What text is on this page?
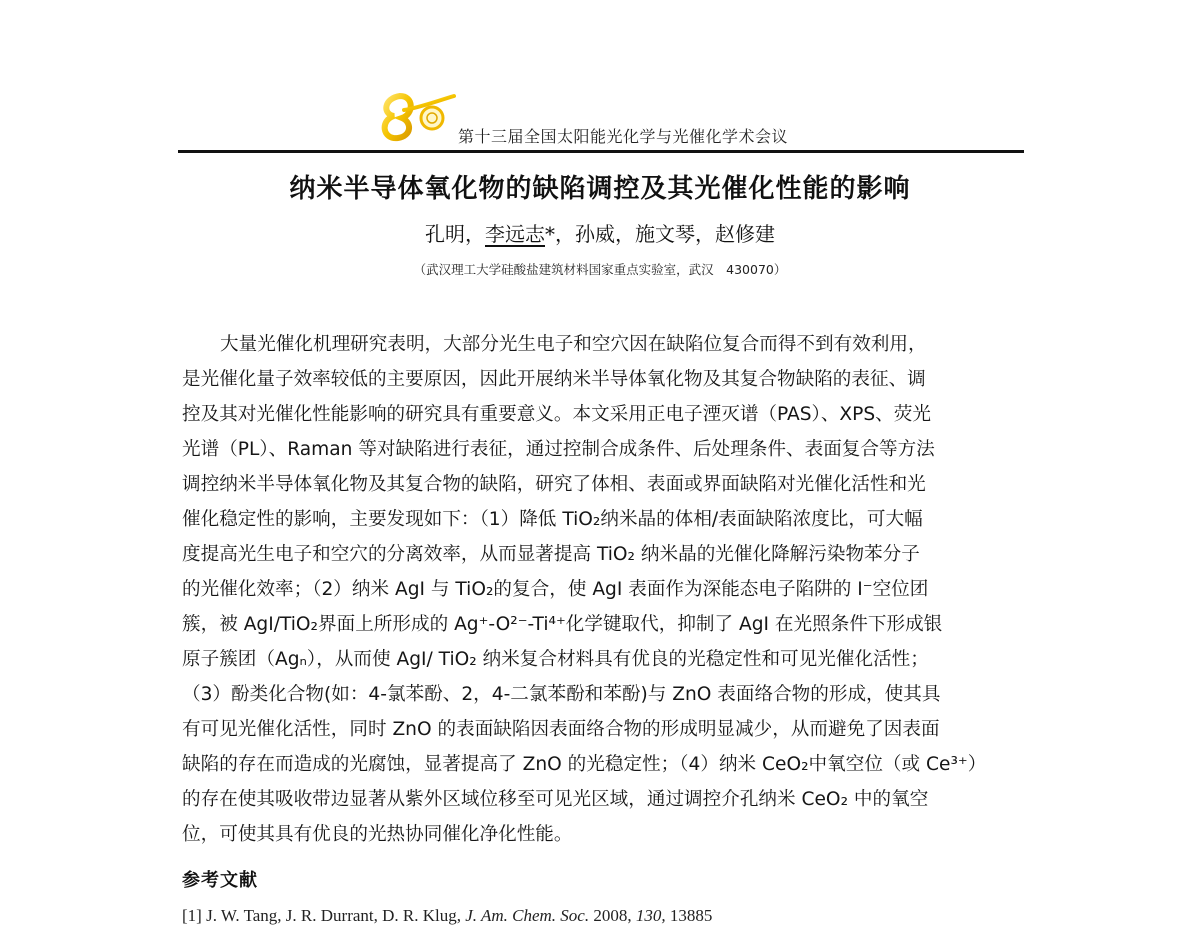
第十三届全国太阳能光化学与光催化学术会议
纳米半导体氧化物的缺陷调控及其光催化性能的影响
孔明，李远志*，孙威，施文琴，赵修建
（武汉理工大学硅酸盐建筑材料国家重点实验室，武汉　430070）
大量光催化机理研究表明，大部分光生电子和空穴因在缺陷位复合而得不到有效利用，
是光催化量子效率较低的主要原因，因此开展纳米半导体氧化物及其复合物缺陷的表征、调
控及其对光催化性能影响的研究具有重要意义。本文采用正电子湮灭谱（PAS）、XPS、荧光
光谱（PL）、Raman 等对缺陷进行表征，通过控制合成条件、后处理条件、表面复合等方法
调控纳米半导体氧化物及其复合物的缺陷，研究了体相、表面或界面缺陷对光催化活性和光
催化稳定性的影响，主要发现如下：（1）降低 TiO₂纳米晶的体相/表面缺陷浓度比，可大幅
度提高光生电子和空穴的分离效率，从而显著提高 TiO₂ 纳米晶的光催化降解污染物苯分子
的光催化效率；（2）纳米 AgI 与 TiO₂的复合，使 AgI 表面作为深能态电子陷阱的 I⁻空位团
簇，被 AgI/TiO₂界面上所形成的 Ag⁺-O²⁻-Ti⁴⁺化学键取代，抑制了 AgI 在光照条件下形成银
原子簇团（Agₙ），从而使 AgI/ TiO₂ 纳米复合材料具有优良的光稳定性和可见光催化活性；
（3）酚类化合物(如：4-氯苯酚、2，4-二氯苯酚和苯酚)与 ZnO 表面络合物的形成，使其具
有可见光催化活性，同时 ZnO 的表面缺陷因表面络合物的形成明显减少，从而避免了因表面
缺陷的存在而造成的光腐蚀，显著提高了 ZnO 的光稳定性；（4）纳米 CeO₂中氧空位（或 Ce³⁺）
的存在使其吸收带边显著从紫外区域位移至可见光区域，通过调控介孔纳米 CeO₂ 中的氧空
位，可使其具有优良的光热协同催化净化性能。
参考文献
[1] J. W. Tang, J. R. Durrant, D. R. Klug, J. Am. Chem. Soc. 2008, 130, 13885
